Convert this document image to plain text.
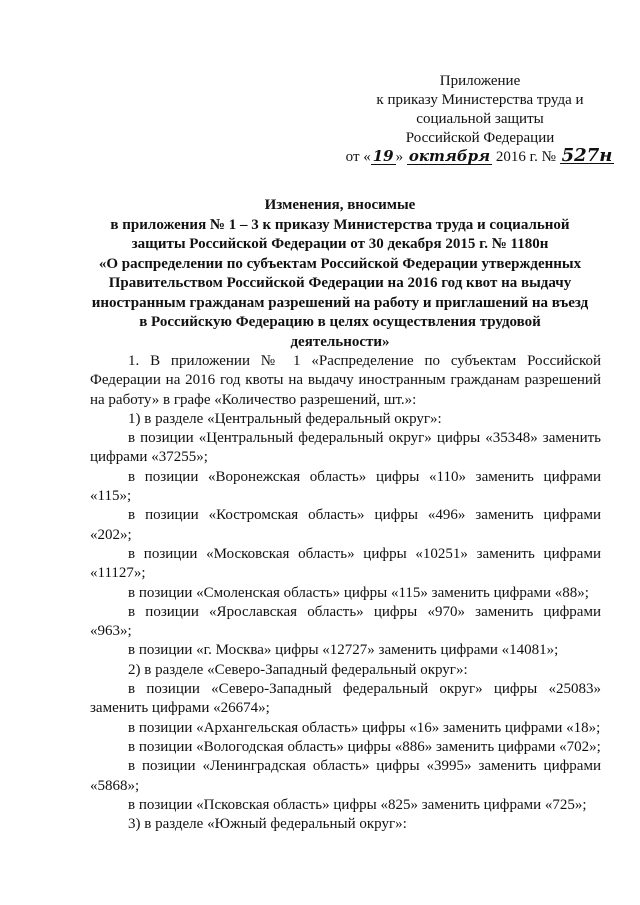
Приложение
к приказу Министерства труда и
социальной защиты
Российской Федерации
от « 19 » октября 2016 г. № 527н
Изменения, вносимые
в приложения № 1 – 3 к приказу Министерства труда и социальной
защиты Российской Федерации от 30 декабря 2015 г. № 1180н
«О распределении по субъектам Российской Федерации утвержденных
Правительством Российской Федерации на 2016 год квот на выдачу
иностранным гражданам разрешений на работу и приглашений на въезд
в Российскую Федерацию в целях осуществления трудовой
деятельности»

1. В приложении № 1 «Распределение по субъектам Российской Федерации на 2016 год квоты на выдачу иностранным гражданам разрешений на работу» в графе «Количество разрешений, шт.»:

1) в разделе «Центральный федеральный округ»:

в позиции «Центральный федеральный округ» цифры «35348» заменить цифрами «37255»;

в позиции «Воронежская область» цифры «110» заменить цифрами «115»;

в позиции «Костромская область» цифры «496» заменить цифрами «202»;

в позиции «Московская область» цифры «10251» заменить цифрами «11127»;

в позиции «Смоленская область» цифры «115» заменить цифрами «88»;

в позиции «Ярославская область» цифры «970» заменить цифрами «963»;

в позиции «г. Москва» цифры «12727» заменить цифрами «14081»;

2) в разделе «Северо-Западный федеральный округ»:

в позиции «Северо-Западный федеральный округ» цифры «25083» заменить цифрами «26674»;

в позиции «Архангельская область» цифры «16» заменить цифрами «18»;

в позиции «Вологодская область» цифры «886» заменить цифрами «702»;

в позиции «Ленинградская область» цифры «3995» заменить цифрами «5868»;

в позиции «Псковская область» цифры «825» заменить цифрами «725»;

3) в разделе «Южный федеральный округ»:
